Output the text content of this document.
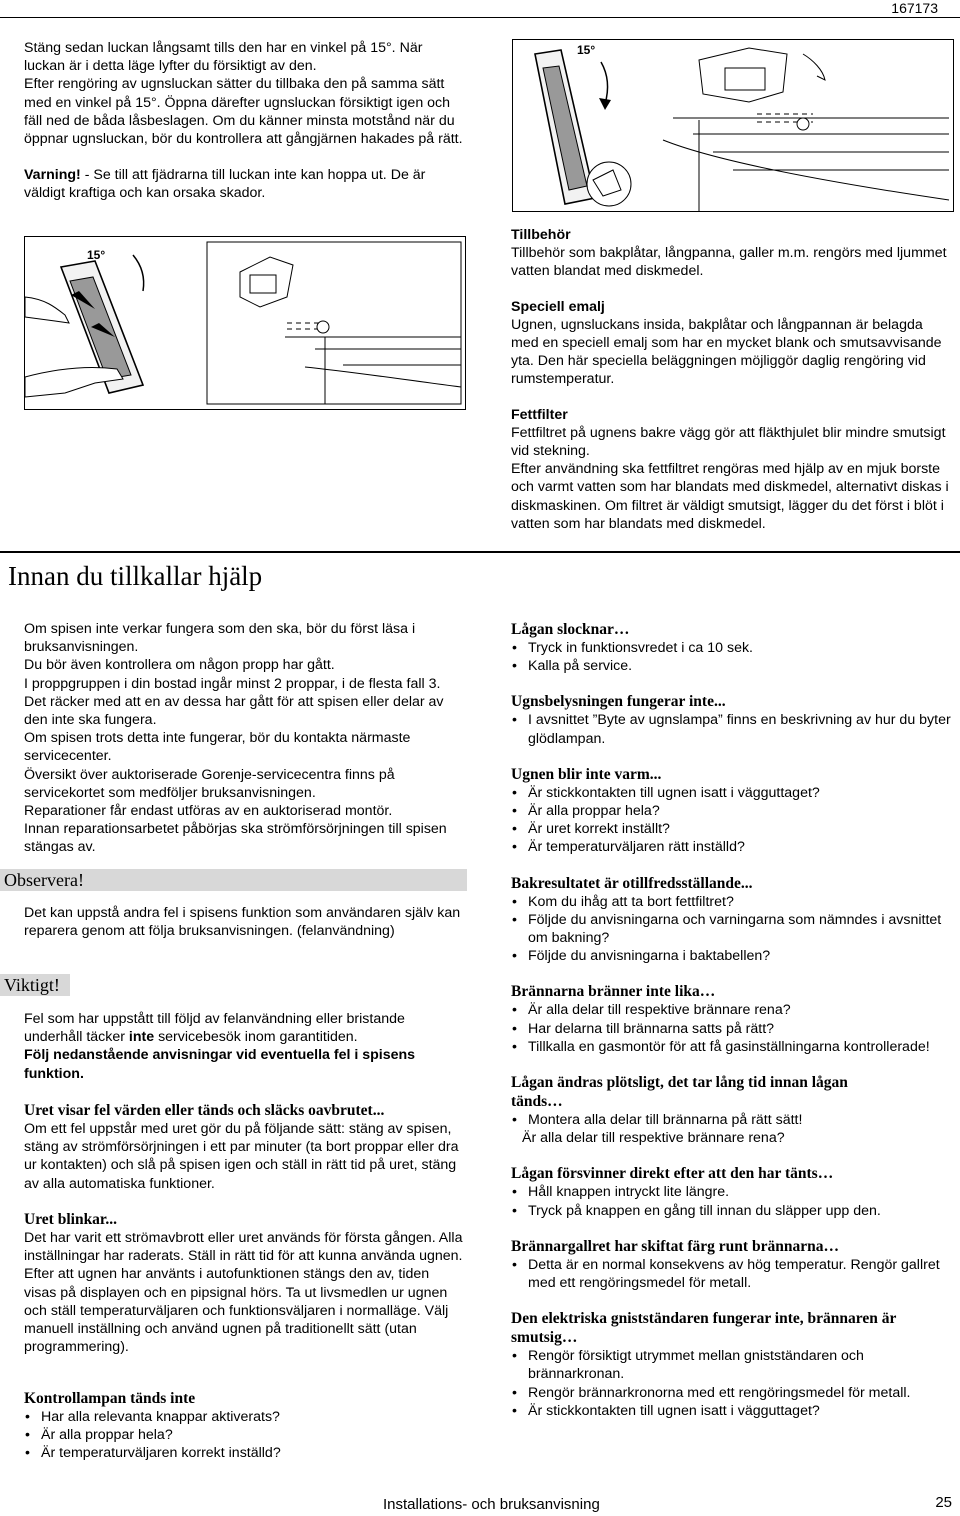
167173

Stäng sedan luckan långsamt tills den har en vinkel på 15°. När luckan är i detta läge lyfter du försiktigt av den.

Efter rengöring av ugnsluckan sätter du tillbaka den på samma sätt med en vinkel på 15°. Öppna därefter ugnsluckan försiktigt igen och fäll ned de båda låsbeslagen. Om du känner minsta motstånd när du öppnar ugnsluckan, bör du kontrollera att gångjärnen hakades på rätt.

Varning! - Se till att fjädrarna till luckan inte kan hoppa ut. De är väldigt kraftiga och kan orsaka skador.

15°
15°

Tillbehör

Tillbehör som bakplåtar, långpanna, galler m.m. rengörs med ljummet vatten blandat med diskmedel.

Speciell emalj

Ugnen, ugnsluckans insida, bakplåtar och långpannan är belagda med en speciell emalj som har en mycket blank och smutsavvisande yta. Den här speciella beläggningen möjliggör daglig rengöring vid rumstemperatur.

Fettfilter

Fettfiltret på ugnens bakre vägg gör att fläkthjulet blir mindre smutsigt vid stekning.

Efter användning ska fettfiltret rengöras med hjälp av en mjuk borste och varmt vatten som har blandats med diskmedel, alternativt diskas i diskmaskinen. Om filtret är väldigt smutsigt, lägger du det först i blöt i vatten som har blandats med diskmedel.

Innan du tillkallar hjälp

Om spisen inte verkar fungera som den ska, bör du först läsa i bruksanvisningen.

Du bör även kontrollera om någon propp har gått.

I proppgruppen i din bostad ingår minst 2 proppar, i de flesta fall 3. Det räcker med att en av dessa har gått för att spisen eller delar av den inte ska fungera.

Om spisen trots detta inte fungerar, bör du kontakta närmaste servicecenter.

Översikt över auktoriserade Gorenje-servicecentra finns på servicekortet som medföljer bruksanvisningen.

Reparationer får endast utföras av en auktoriserad montör.

Innan reparationsarbetet påbörjas ska strömförsörjningen till spisen stängas av.

Observera!

Det kan uppstå andra fel i spisens funktion som användaren själv kan reparera genom att följa bruksanvisningen. (felanvändning)

Viktigt!

Fel som har uppstått till följd av felanvändning eller bristande underhåll täcker inte servicebesök inom garantitiden.

Följ nedanstående anvisningar vid eventuella fel i spisens funktion.

Uret visar fel värden eller tänds och släcks oavbrutet...

Om ett fel uppstår med uret gör du på följande sätt: stäng av spisen, stäng av strömförsörjningen i ett par minuter (ta bort proppar eller dra ur kontakten) och slå på spisen igen och ställ in rätt tid på uret, stäng av alla automatiska funktioner.

Uret blinkar...

Det har varit ett strömavbrott eller uret används för första gången. Alla inställningar har raderats. Ställ in rätt tid för att kunna använda ugnen.

Efter att ugnen har använts i autofunktionen stängs den av, tiden visas på displayen och en pipsignal hörs. Ta ut livsmedlen ur ugnen och ställ temperaturväljaren och funktionsväljaren i normalläge. Välj manuell inställning och använd ugnen på traditionellt sätt (utan programmering).

Kontrollampan tänds inte

• Har alla relevanta knappar aktiverats?
• Är alla proppar hela?
• Är temperaturväljaren korrekt inställd?

Lågan slocknar…

• Tryck in funktionsvredet i ca 10 sek.
• Kalla på service.

Ugnsbelysningen fungerar inte...

• I avsnittet ”Byte av ugnslampa” finns en beskrivning av hur du byter glödlampan.

Ugnen blir inte varm...

• Är stickkontakten till ugnen isatt i vägguttaget?
• Är alla proppar hela?
• Är uret korrekt inställt?
• Är temperaturväljaren rätt inställd?

Bakresultatet är otillfredsställande...

• Kom du ihåg att ta bort fettfiltret?
• Följde du anvisningarna och varningarna som nämndes i avsnittet om bakning?
• Följde du anvisningarna i baktabellen?

Brännarna bränner inte lika…

• Är alla delar till respektive brännare rena?
• Har delarna till brännarna satts på rätt?
• Tillkalla en gasmontör för att få gasinställningarna kontrollerade!

Lågan ändras plötsligt, det tar lång tid innan lågan tänds…

• Montera alla delar till brännarna på rätt sätt!

Är alla delar till respektive brännare rena?

Lågan försvinner direkt efter att den har tänts…

• Håll knappen intryckt lite längre.
• Tryck på knappen en gång till innan du släpper upp den.

Brännargallret har skiftat färg runt brännarna…

• Detta är en normal konsekvens av hög temperatur. Rengör gallret med ett rengöringsmedel för metall.

Den elektriska gnistständaren fungerar inte, brännaren är smutsig…

• Rengör försiktigt utrymmet mellan gnistständaren och brännarkronan.
• Rengör brännarkronorna med ett rengöringsmedel för metall.
• Är stickkontakten till ugnen isatt i vägguttaget?
Installations- och bruksanvisning	25
